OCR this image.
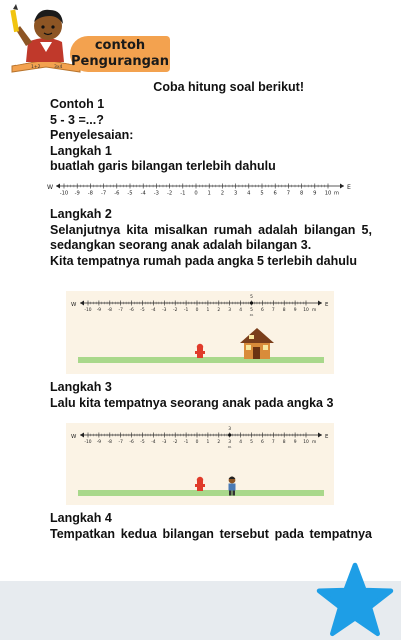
1+2	3x4
contoh
Pengurangan
Coba hitung soal berikut!
Contoh 1
5 - 3 =...?
Penyelesaian:
Langkah 1
buatlah garis bilangan terlebih dahulu
W	E
-10 -9 -8 -7 -6 -5 -4 -3 -2 -1 0 1 2 3 4 5 6 7 8 9 10 m
Langkah 2
Selanjutnya kita misalkan rumah adalah bilangan 5, sedangkan seorang anak adalah bilangan 3.
Kita tempatnya rumah pada angka 5 terlebih dahulu
W	E
-10 -9 -8 -7 -6 -5 -4 -3 -2 -1 0 1 2 3 4 5 6 7 8 9 10 m
5
x₁
Langkah 3
Lalu kita tempatnya seorang anak pada angka 3
W	E
-10 -9 -8 -7 -6 -5 -4 -3 -2 -1 0 1 2 3 4 5 6 7 8 9 10 m
3
x₁
Langkah 4
Tempatkan kedua bilangan tersebut pada tempatnya
